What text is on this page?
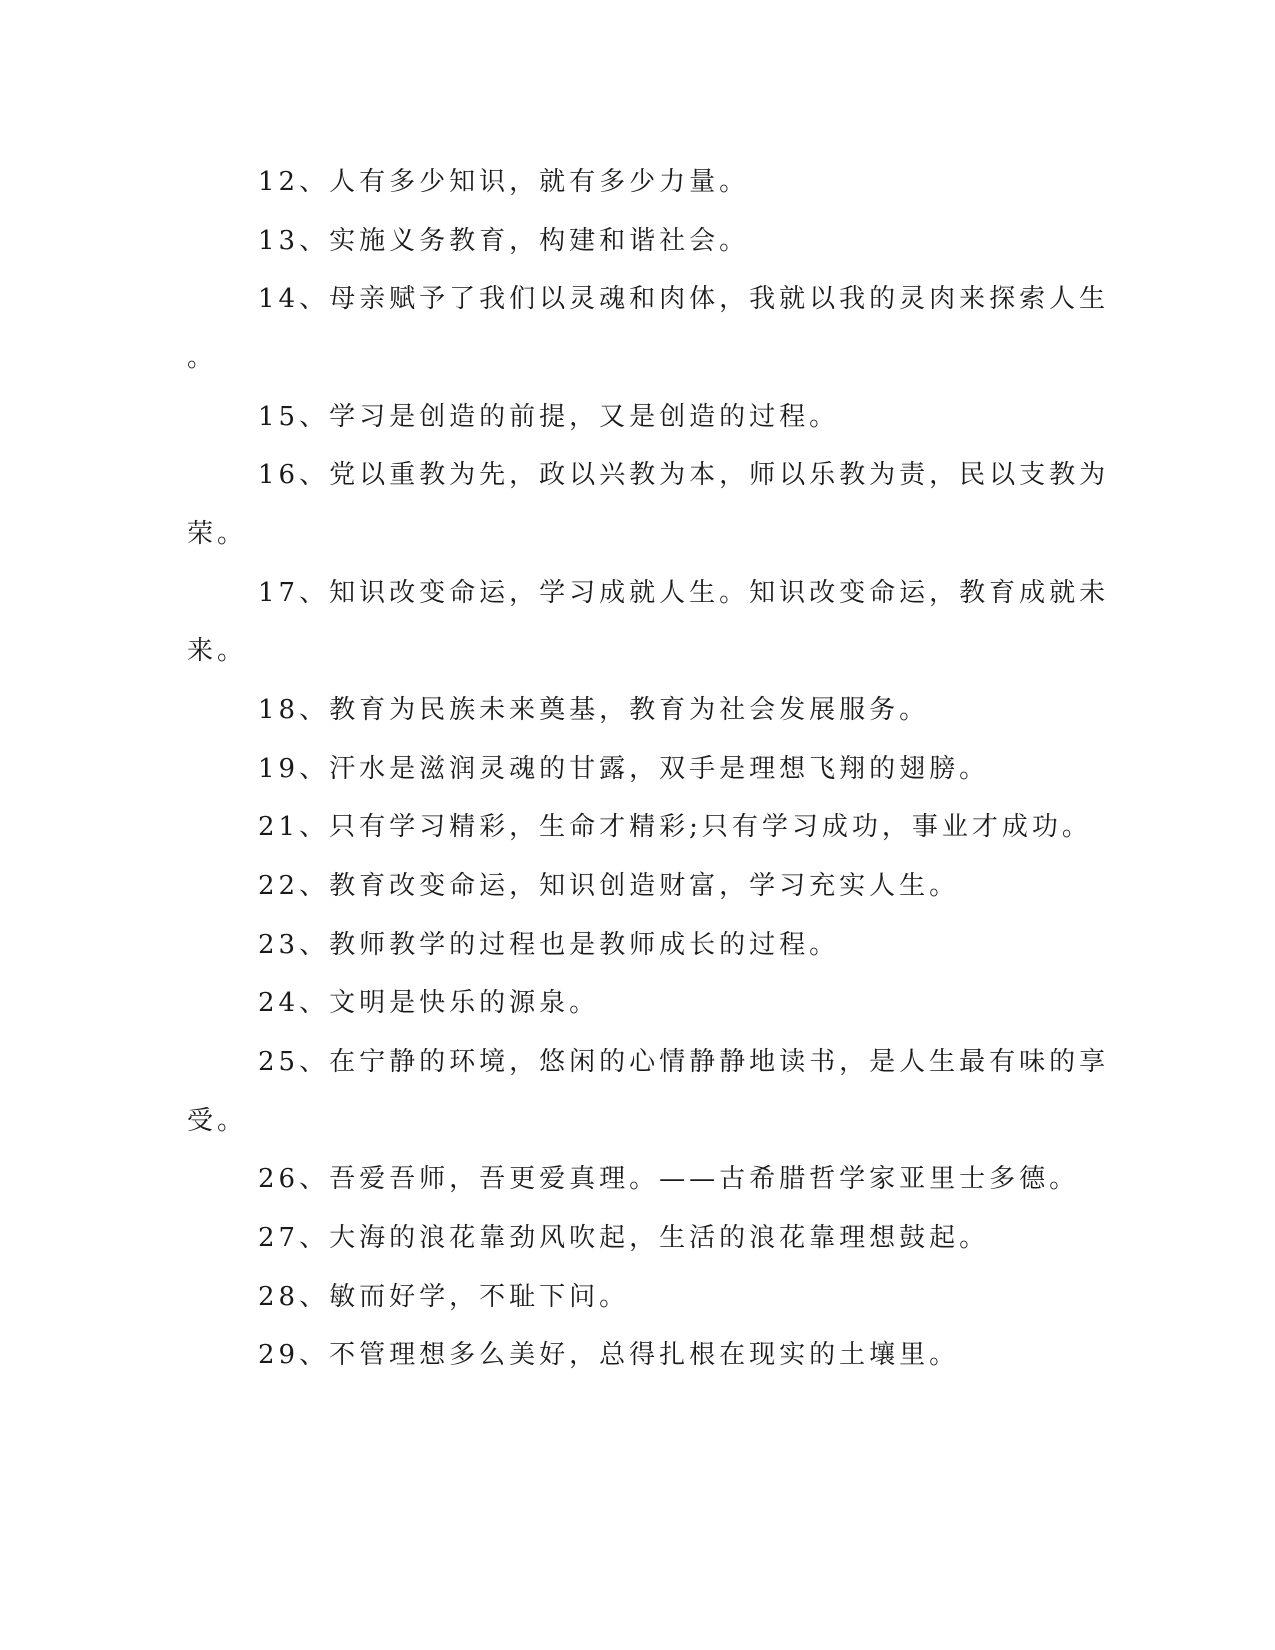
12、人有多少知识，就有多少力量。

13、实施义务教育，构建和谐社会。

14、母亲赋予了我们以灵魂和肉体，我就以我的灵肉来探索人生

。

15、学习是创造的前提，又是创造的过程。

16、党以重教为先，政以兴教为本，师以乐教为责，民以支教为

荣。

17、知识改变命运，学习成就人生。知识改变命运，教育成就未

来。

18、教育为民族未来奠基，教育为社会发展服务。

19、汗水是滋润灵魂的甘露，双手是理想飞翔的翅膀。

21、只有学习精彩，生命才精彩;只有学习成功，事业才成功。

22、教育改变命运，知识创造财富，学习充实人生。

23、教师教学的过程也是教师成长的过程。

24、文明是快乐的源泉。

25、在宁静的环境，悠闲的心情静静地读书，是人生最有味的享

受。

26、吾爱吾师，吾更爱真理。——古希腊哲学家亚里士多德。

27、大海的浪花靠劲风吹起，生活的浪花靠理想鼓起。

28、敏而好学，不耻下问。

29、不管理想多么美好，总得扎根在现实的土壤里。
